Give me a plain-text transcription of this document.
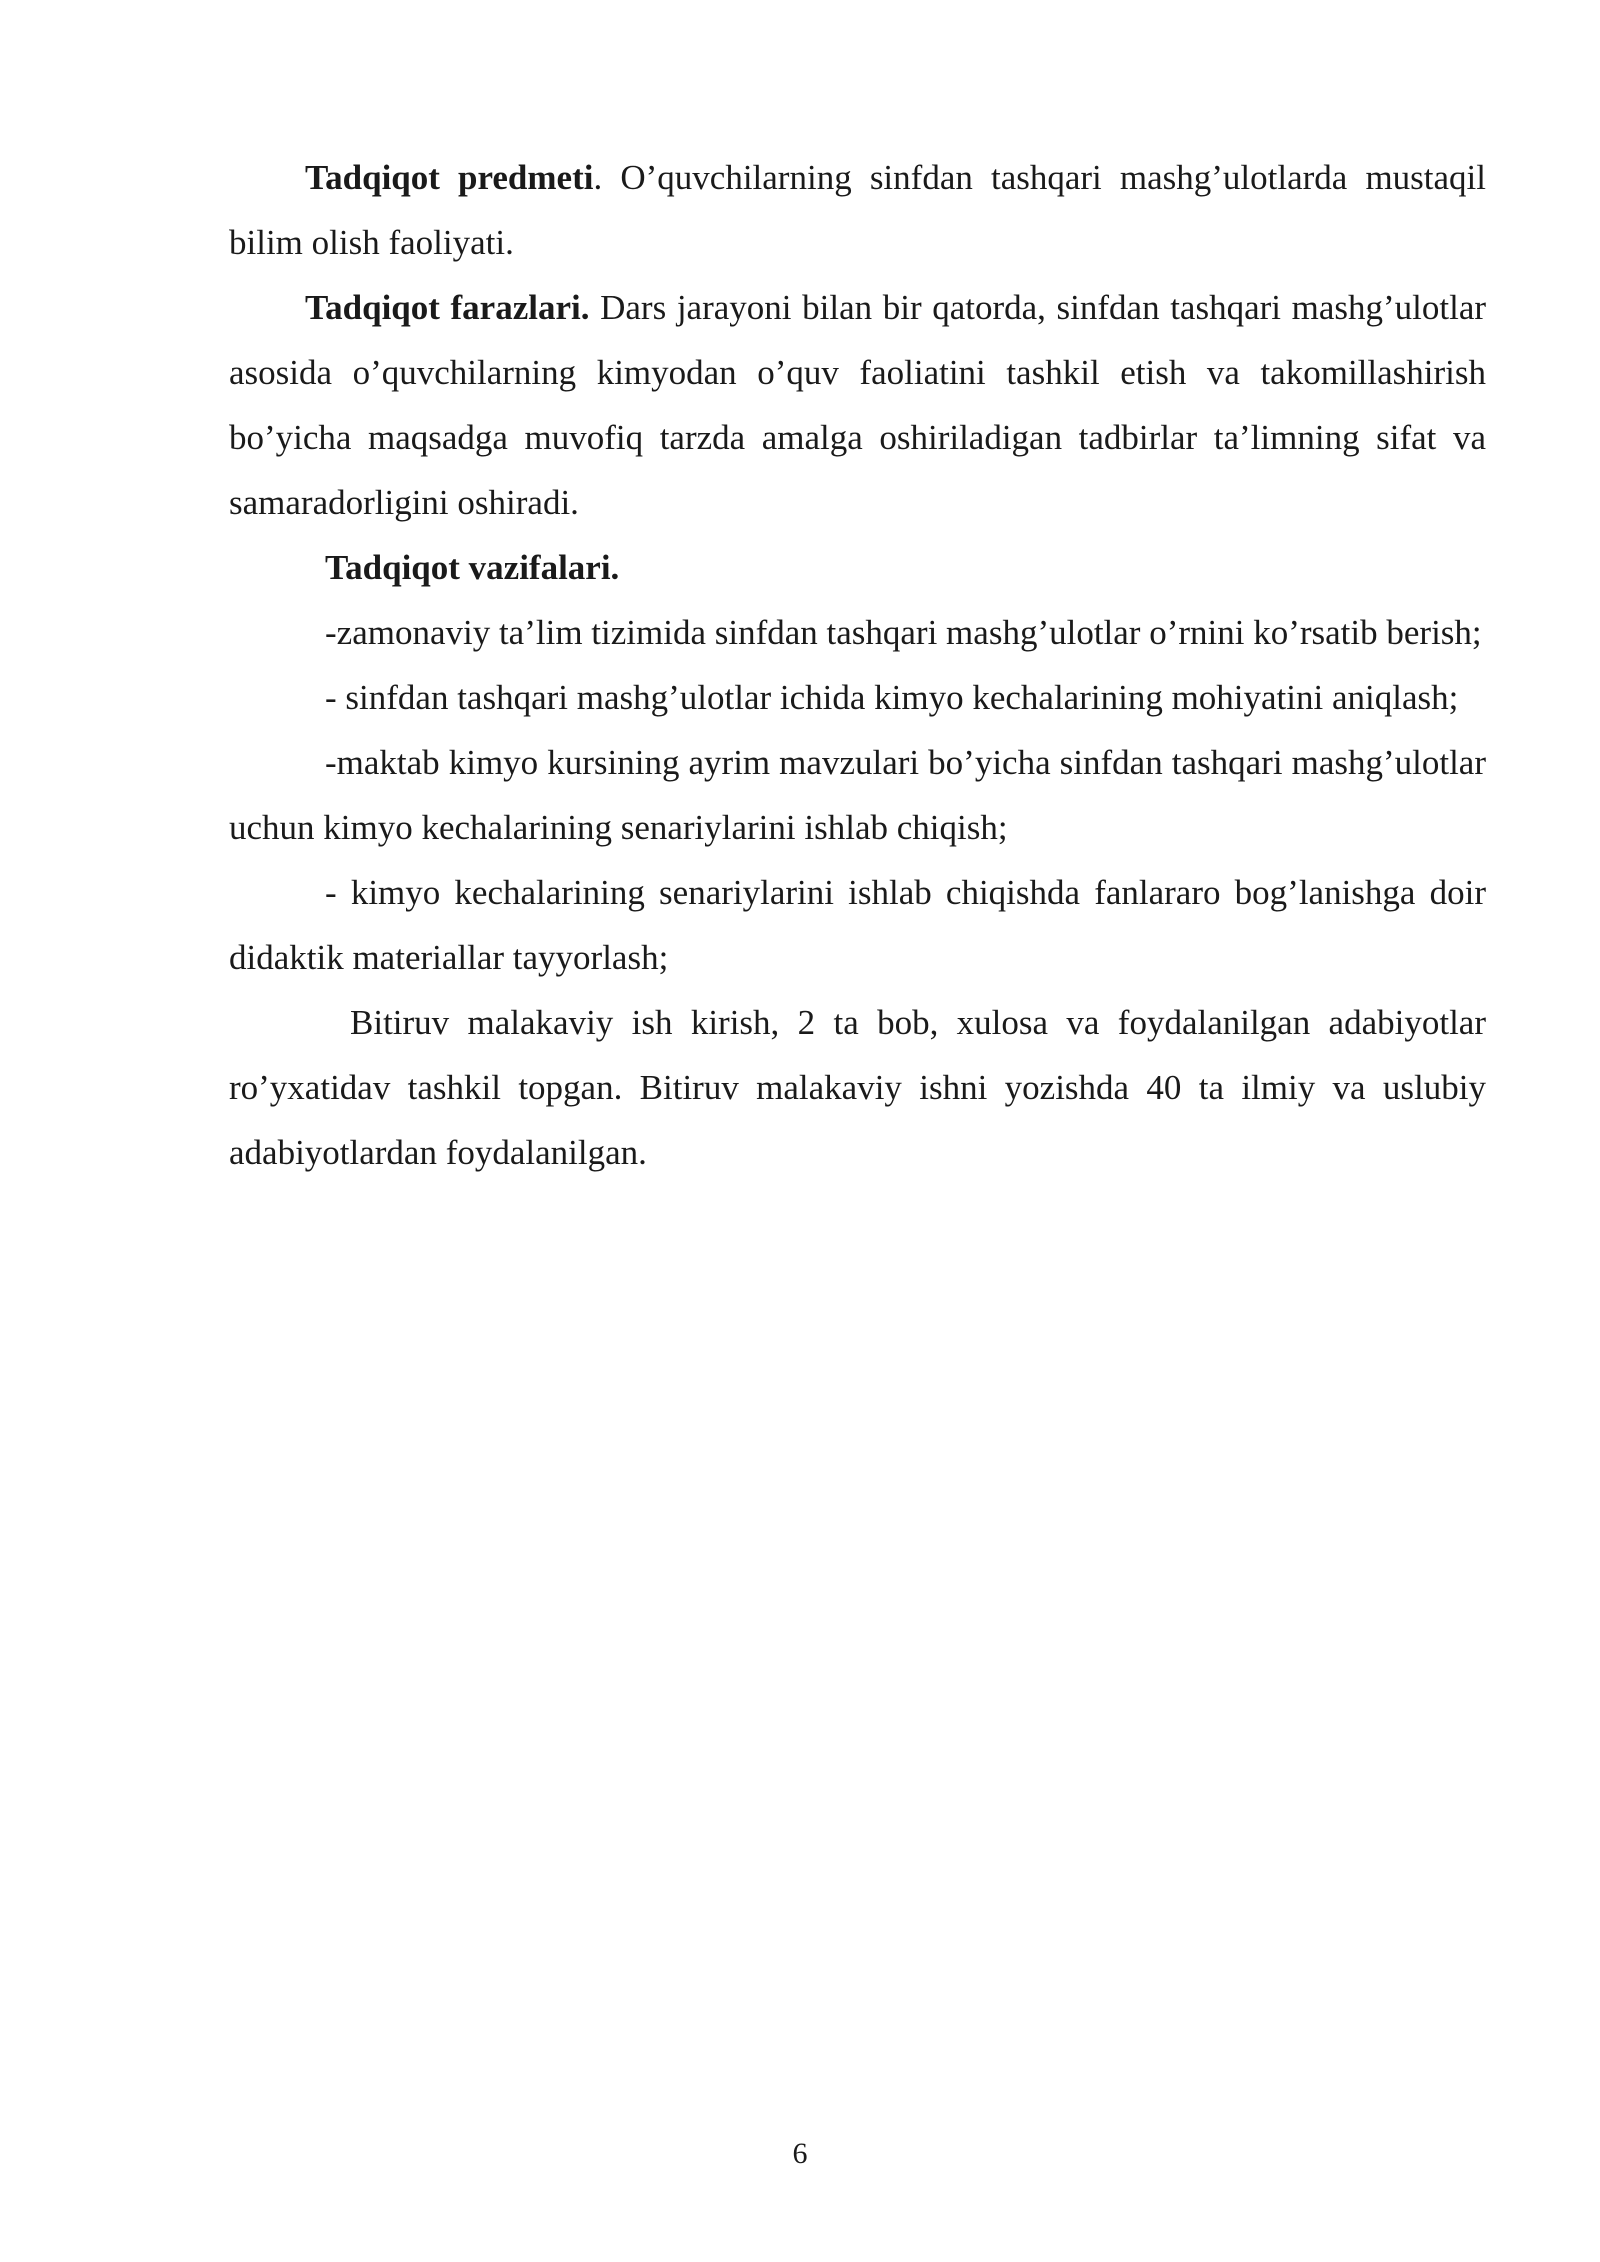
Tadqiqot predmeti. O’quvchilarning sinfdan tashqari mashg’ulotlarda mustaqil bilim olish faoliyati.

Tadqiqot farazlari. Dars jarayoni bilan bir qatorda, sinfdan tashqari mashg’ulotlar asosida o’quvchilarning kimyodan o’quv faoliatini tashkil etish va takomillashirish bo’yicha maqsadga muvofiq tarzda amalga oshiriladigan tadbirlar ta’limning sifat va samaradorligini oshiradi.

Tadqiqot vazifalari.

-zamonaviy ta’lim tizimida sinfdan tashqari mashg’ulotlar o’rnini ko’rsatib berish;

- sinfdan tashqari mashg’ulotlar ichida kimyo kechalarining mohiyatini aniqlash;

-maktab kimyo kursining ayrim mavzulari bo’yicha sinfdan tashqari mashg’ulotlar uchun kimyo kechalarining senariylarini ishlab chiqish;

- kimyo kechalarining senariylarini ishlab chiqishda fanlararo bog’lanishga doir didaktik materiallar tayyorlash;

Bitiruv malakaviy ish kirish, 2 ta bob, xulosa va foydalanilgan adabiyotlar ro’yxatidav tashkil topgan. Bitiruv malakaviy ishni yozishda 40 ta ilmiy va uslubiy adabiyotlardan foydalanilgan.

6
